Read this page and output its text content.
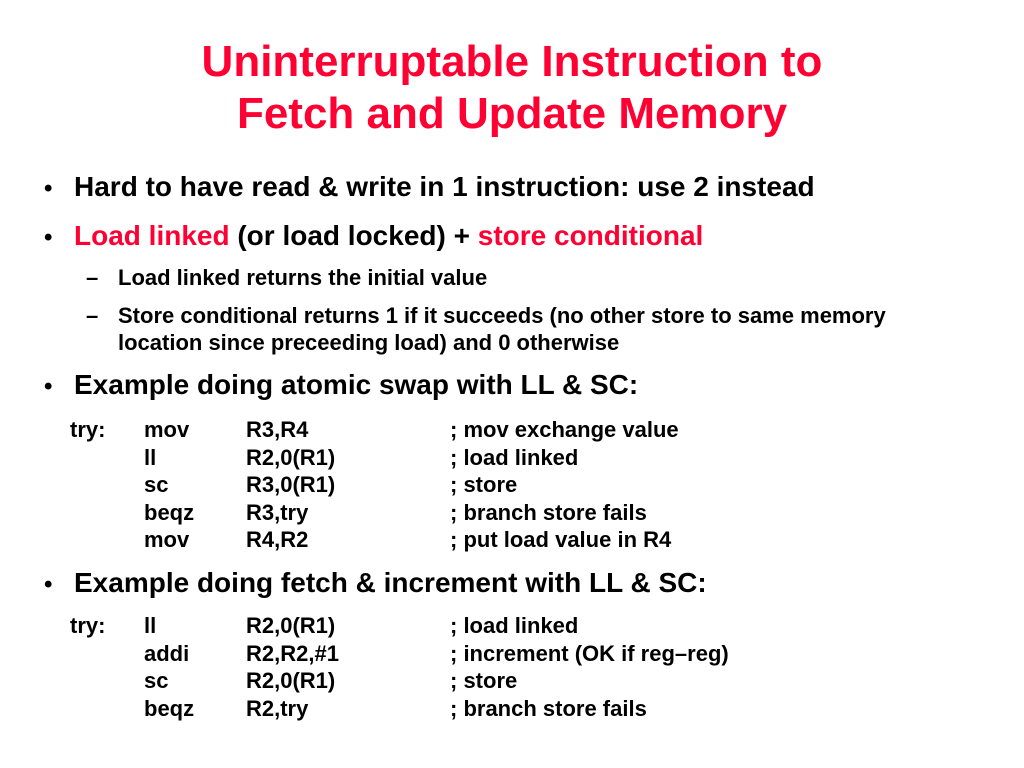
Uninterruptable Instruction to
Fetch and Update Memory
• Hard to have read & write in 1 instruction: use 2 instead
• Load linked (or load locked) + store conditional
– Load linked returns the initial value
– Store conditional returns 1 if it succeeds (no other store to same memory location since preceeding load) and 0 otherwise
• Example doing atomic swap with LL & SC:
try: mov	R3,R4	; mov exchange value
ll	R2,0(R1)	; load linked
sc	R3,0(R1)	; store
beqz R3,try	; branch store fails
mov	R4,R2	; put load value in R4
• Example doing fetch & increment with LL & SC:
try: ll	R2,0(R1)	; load linked
addi	R2,R2,#1	; increment (OK if reg–reg)
sc	R2,0(R1)	; store
beqz R2,try	; branch store fails
